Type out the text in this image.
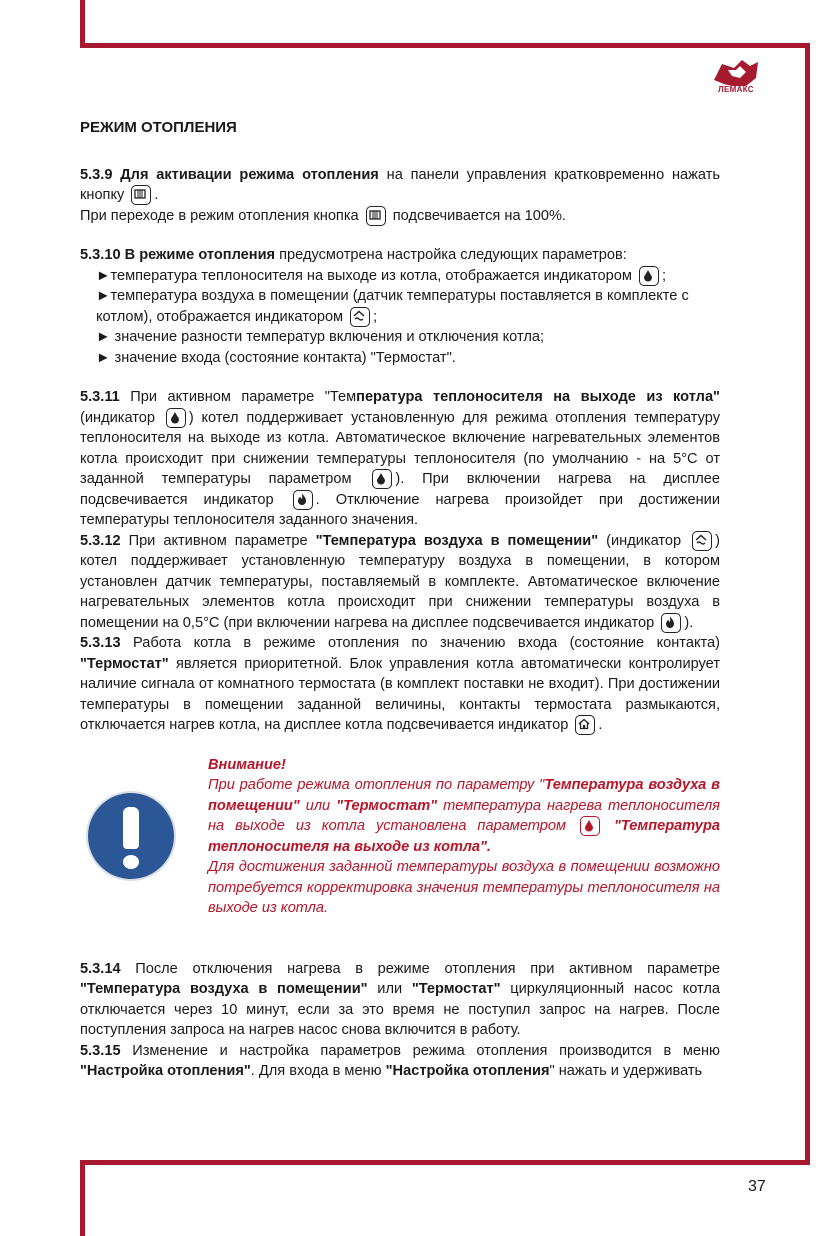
ЛЕМАКС
РЕЖИМ ОТОПЛЕНИЯ

5.3.9 Для активации режима отопления на панели управления кратковременно нажать кнопку .

При переходе в режим отопления кнопка подсвечивается на 100%.

5.3.10 В режиме отопления предусмотрена настройка следующих параметров:

►температура теплоносителя на выходе из котла, отображается индикатором ;

►температура воздуха в помещении (датчик температуры поставляется в комплекте с котлом), отображается индикатором ;

► значение разности температур включения и отключения котла;

► значение входа (состояние контакта) "Термостат".

5.3.11 При активном параметре "Температура теплоносителя на выходе из котла" (индикатор ) котел поддерживает установленную для режима отопления температуру теплоносителя на выходе из котла. Автоматическое включение нагревательных элементов котла происходит при снижении температуры теплоносителя (по умолчанию - на 5°С от заданной температуры параметром	). При включении нагрева на дисплее подсвечивается индикатор	. Отключение нагрева произойдет при достижении температуры теплоносителя заданного значения.

5.3.12 При активном параметре "Температура воздуха в помещении" (индикатор ) котел поддерживает установленную температуру воздуха в помещении, в котором установлен датчик температуры, поставляемый в комплекте. Автоматическое включение нагревательных элементов котла происходит при снижении температуры воздуха в помещении на 0,5°С (при включении нагрева на дисплее подсвечивается индикатор ).

5.3.13 Работа котла в режиме отопления по значению входа (состояние контакта) "Термостат" является приоритетной. Блок управления котла автоматически контролирует наличие сигнала от комнатного термостата (в комплект поставки не входит). При достижении температуры в помещении заданной величины, контакты термостата размыкаются, отключается нагрев котла, на дисплее котла подсвечивается индикатор .

Внимание!

При работе режима отопления по параметру "Температура воздуха в помещении" или "Термостат" температура нагрева теплоносителя на выходе из котла установлена параметром	"Температура теплоносителя на выходе из котла".

Для достижения заданной температуры воздуха в помещении возможно потребуется корректировка значения температуры теплоносителя на выходе из котла.

5.3.14 После отключения нагрева в режиме отопления при активном параметре "Температура воздуха в помещении" или "Термостат" циркуляционный насос котла отключается через 10 минут, если за это время не поступил запрос на нагрев. После поступления запроса на нагрев насос снова включится в работу.

5.3.15 Изменение и настройка параметров режима отопления производится в меню "Настройка отопления". Для входа в меню "Настройка отопления" нажать и удерживать

37
